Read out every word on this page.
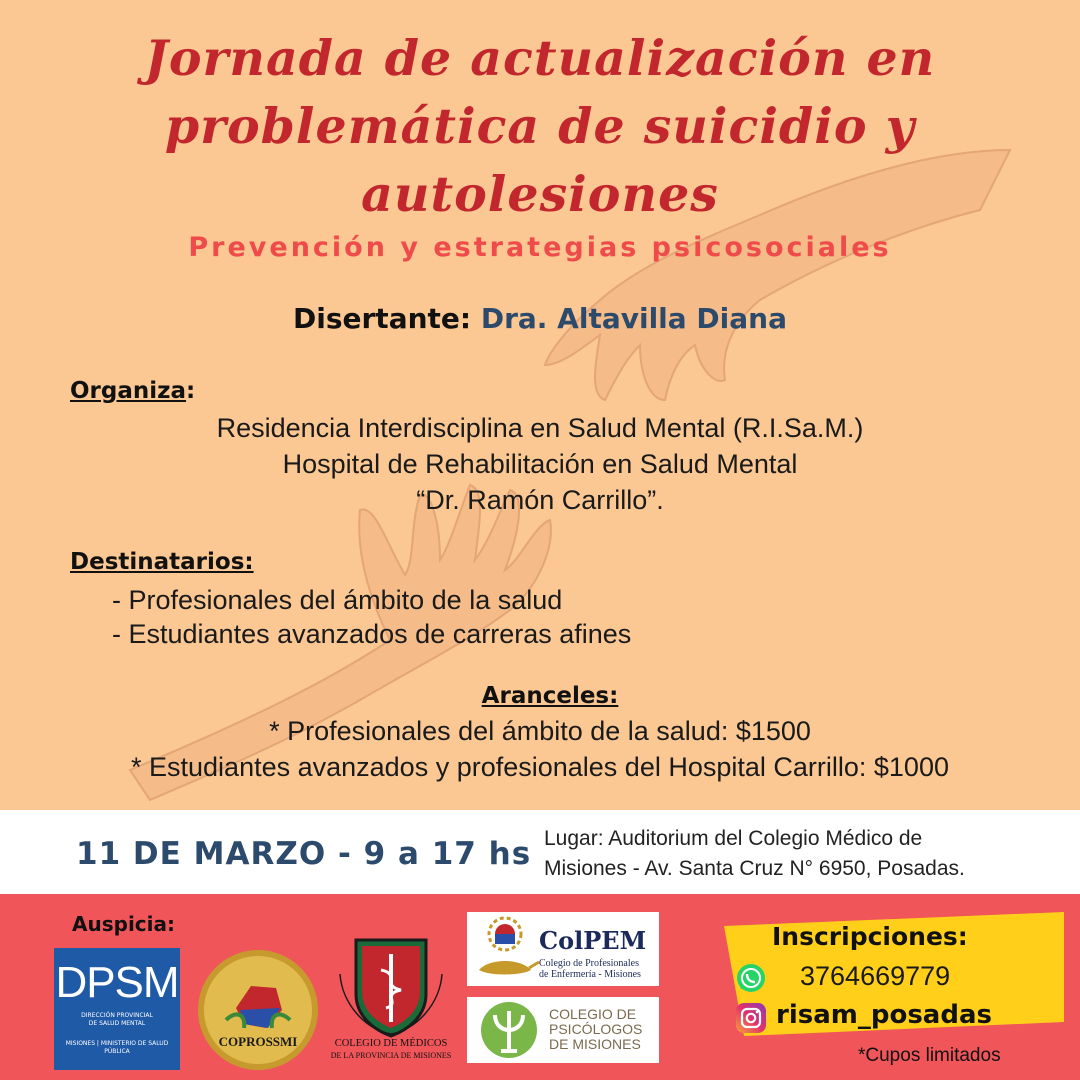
Jornada de actualización en
problemática de suicidio y
autolesiones
Prevención y estrategias psicosociales
Disertante: Dra. Altavilla Diana
Organiza:
Residencia Interdisciplina en Salud Mental (R.I.Sa.M.)
Hospital de Rehabilitación en Salud Mental
“Dr. Ramón Carrillo”.
Destinatarios:
- Profesionales del ámbito de la salud
- Estudiantes avanzados de carreras afines
Aranceles:
* Profesionales del ámbito de la salud: $1500
* Estudiantes avanzados y profesionales del Hospital Carrillo: $1000
11 DE MARZO - 9 a 17 hs Lugar: Auditorium del Colegio Médico de
Misiones - Av. Santa Cruz N° 6950, Posadas.
Auspicia:
DPSM
DIRECCIÓN PROVINCIAL
DE SALUD MENTAL
MISIONES | MINISTERIO DE SALUD PÚBLICA
COPROSSMI	COLEGIO DE MÉDICOS
DE LA PROVINCIA DE MISIONES
ColPEM
Colegio de Profesionales
de Enfermería - Misiones
COLEGIO DE
PSICÓLOGOS
DE MISIONES
Inscripciones:
3764669779
risam_posadas
*Cupos limitados
